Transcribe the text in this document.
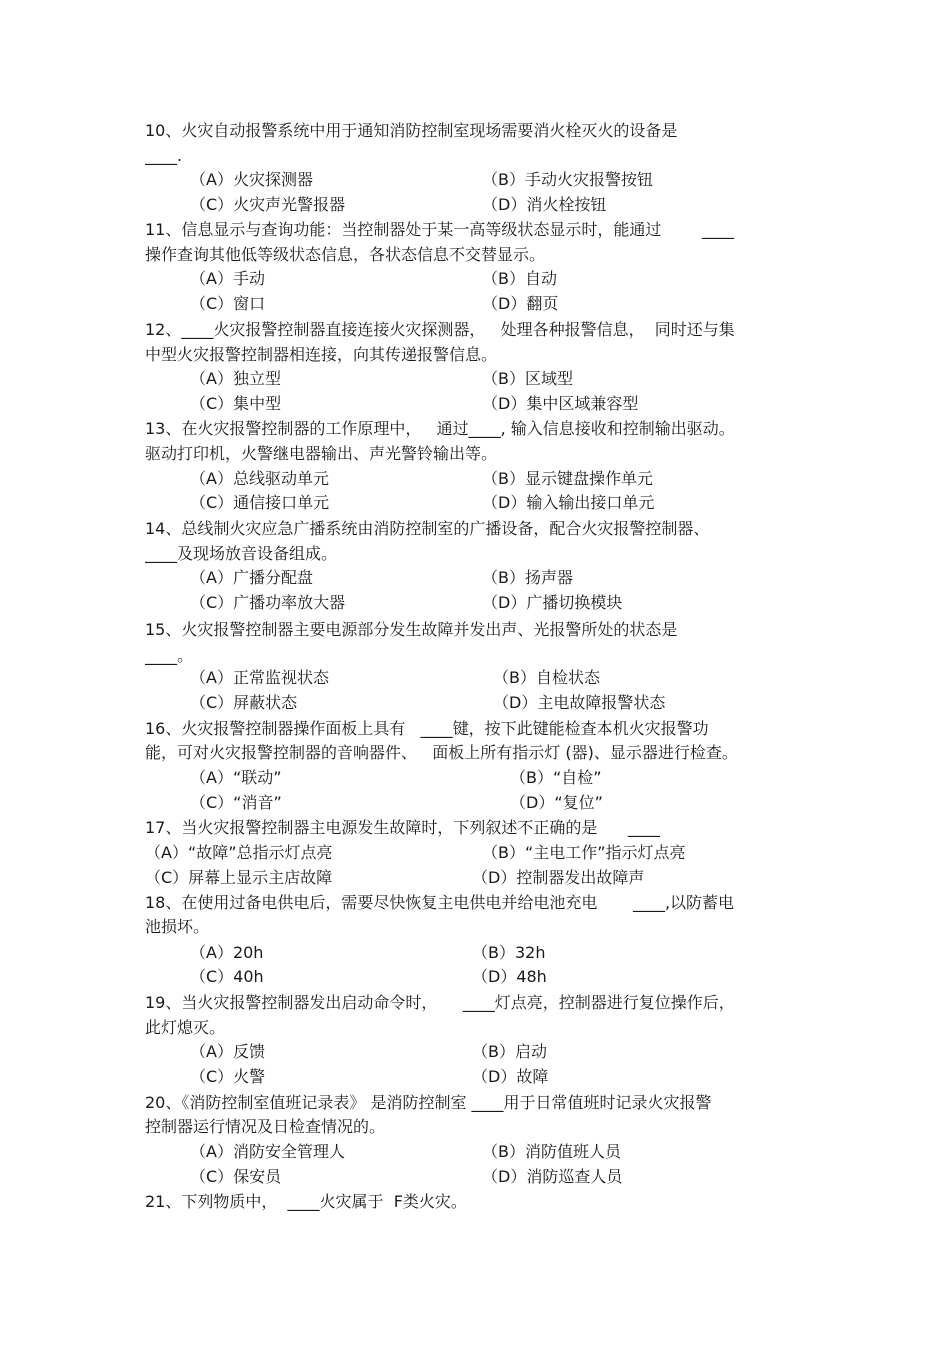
10、火灾自动报警系统中用于通知消防控制室现场需要消火栓灭火的设备是
____.
（A）火灾探测器	（B）手动火灾报警按钮
（C）火灾声光警报器	（D）消火栓按钮
11、信息显示与查询功能：当控制器处于某一高等级状态显示时，能通过        ____
操作查询其他低等级状态信息，各状态信息不交替显示。
（A）手动	（B）自动
（C）窗口	（D）翻页
12、____火灾报警控制器直接连接火灾探测器，   处理各种报警信息，  同时还与集
中型火灾报警控制器相连接，向其传递报警信息。
（A）独立型	（B）区域型
（C）集中型	（D）集中区域兼容型
13、在火灾报警控制器的工作原理中，   通过____, 输入信息接收和控制输出驱动。
驱动打印机，火警继电器输出、声光警铃输出等。
（A）总线驱动单元	（B）显示键盘操作单元
（C）通信接口单元	（D）输入输出接口单元
14、总线制火灾应急广播系统由消防控制室的广播设备，配合火灾报警控制器、
____及现场放音设备组成。
（A）广播分配盘	（B）扬声器
（C）广播功率放大器	（D）广播切换模块
15、火灾报警控制器主要电源部分发生故障并发出声、光报警所处的状态是
____。
（A）正常监视状态	（B）自检状态
（C）屏蔽状态	（D）主电故障报警状态
16、火灾报警控制器操作面板上具有   ____键，按下此键能检查本机火灾报警功
能，可对火灾报警控制器的音响器件、   面板上所有指示灯 (器)、显示器进行检查。
（A）“联动”	（B）“自检”
（C）“消音”	（D）“复位”
17、当火灾报警控制器主电源发生故障时，下列叙述不正确的是      ____
（A）“故障”总指示灯点亮	（B）“主电工作”指示灯点亮
（C）屏幕上显示主店故障	（D）控制器发出故障声
18、在使用过备电供电后，需要尽快恢复主电供电并给电池充电       ____,以防蓄电
池损坏。
（A）20h	（B）32h
（C）40h	（D）48h
19、当火灾报警控制器发出启动命令时，     ____灯点亮，控制器进行复位操作后，
此灯熄灭。
（A）反馈	（B）启动
（C）火警	（D）故障
20、《消防控制室值班记录表》 是消防控制室 ____用于日常值班时记录火灾报警
控制器运行情况及日检查情况的。
（A）消防安全管理人	（B）消防值班人员
（C）保安员	（D）消防巡查人员
21、下列物质中，  ____火灾属于  F类火灾。
